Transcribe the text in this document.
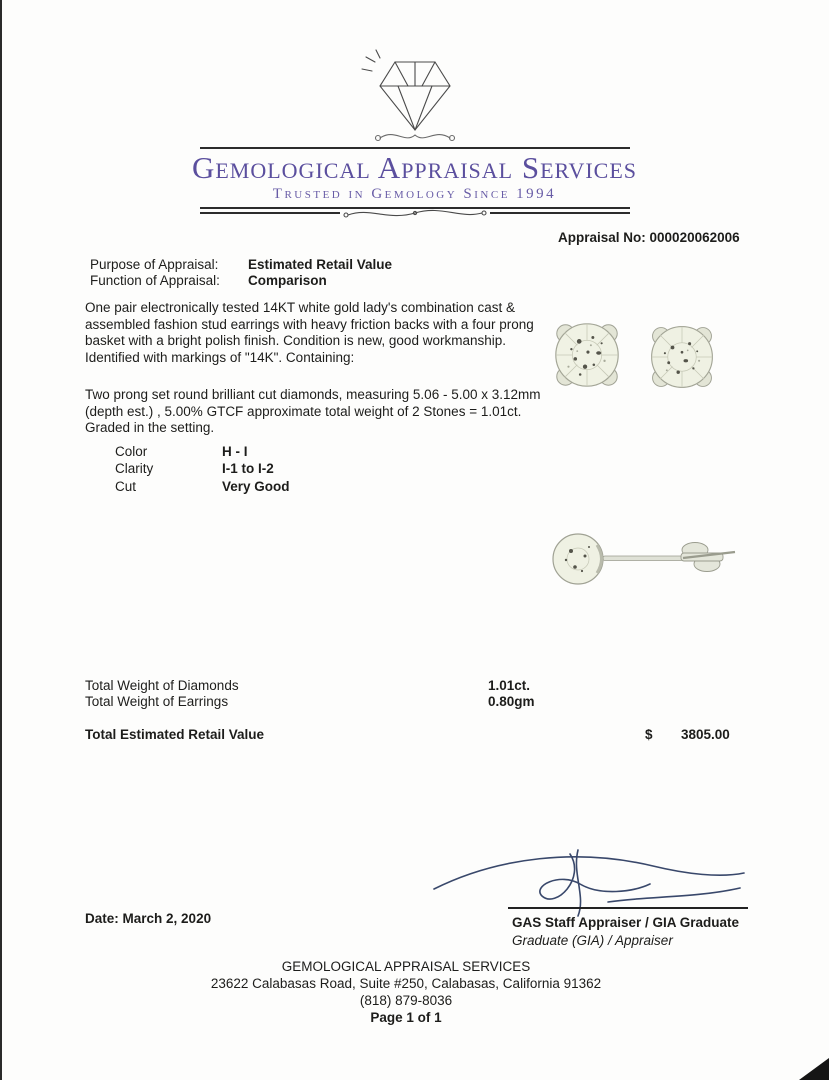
Gemological Appraisal Services
Trusted in Gemology Since 1994
Appraisal No: 000020062006
Purpose of Appraisal: Estimated Retail Value
Function of Appraisal: Comparison
One pair electronically tested 14KT white gold lady's combination cast & assembled fashion stud earrings with heavy friction backs with a four prong basket with a bright polish finish. Condition is new, good workmanship. Identified with markings of "14K". Containing:
Two prong set round brilliant cut diamonds, measuring 5.06 - 5.00 x 3.12mm (depth est.) , 5.00% GTCF approximate total weight of 2 Stones = 1.01ct. Graded in the setting.
Color	H - I
Clarity	I-1 to I-2
Cut	Very Good
Total Weight of Diamonds	1.01ct.
Total Weight of Earrings	0.80gm
Total Estimated Retail Value	$ 3805.00
Date: March 2, 2020	GAS Staff Appraiser / GIA Graduate
Graduate (GIA) / Appraiser
GEMOLOGICAL APPRAISAL SERVICES
23622 Calabasas Road, Suite #250, Calabasas, California 91362
(818) 879-8036
Page 1 of 1
